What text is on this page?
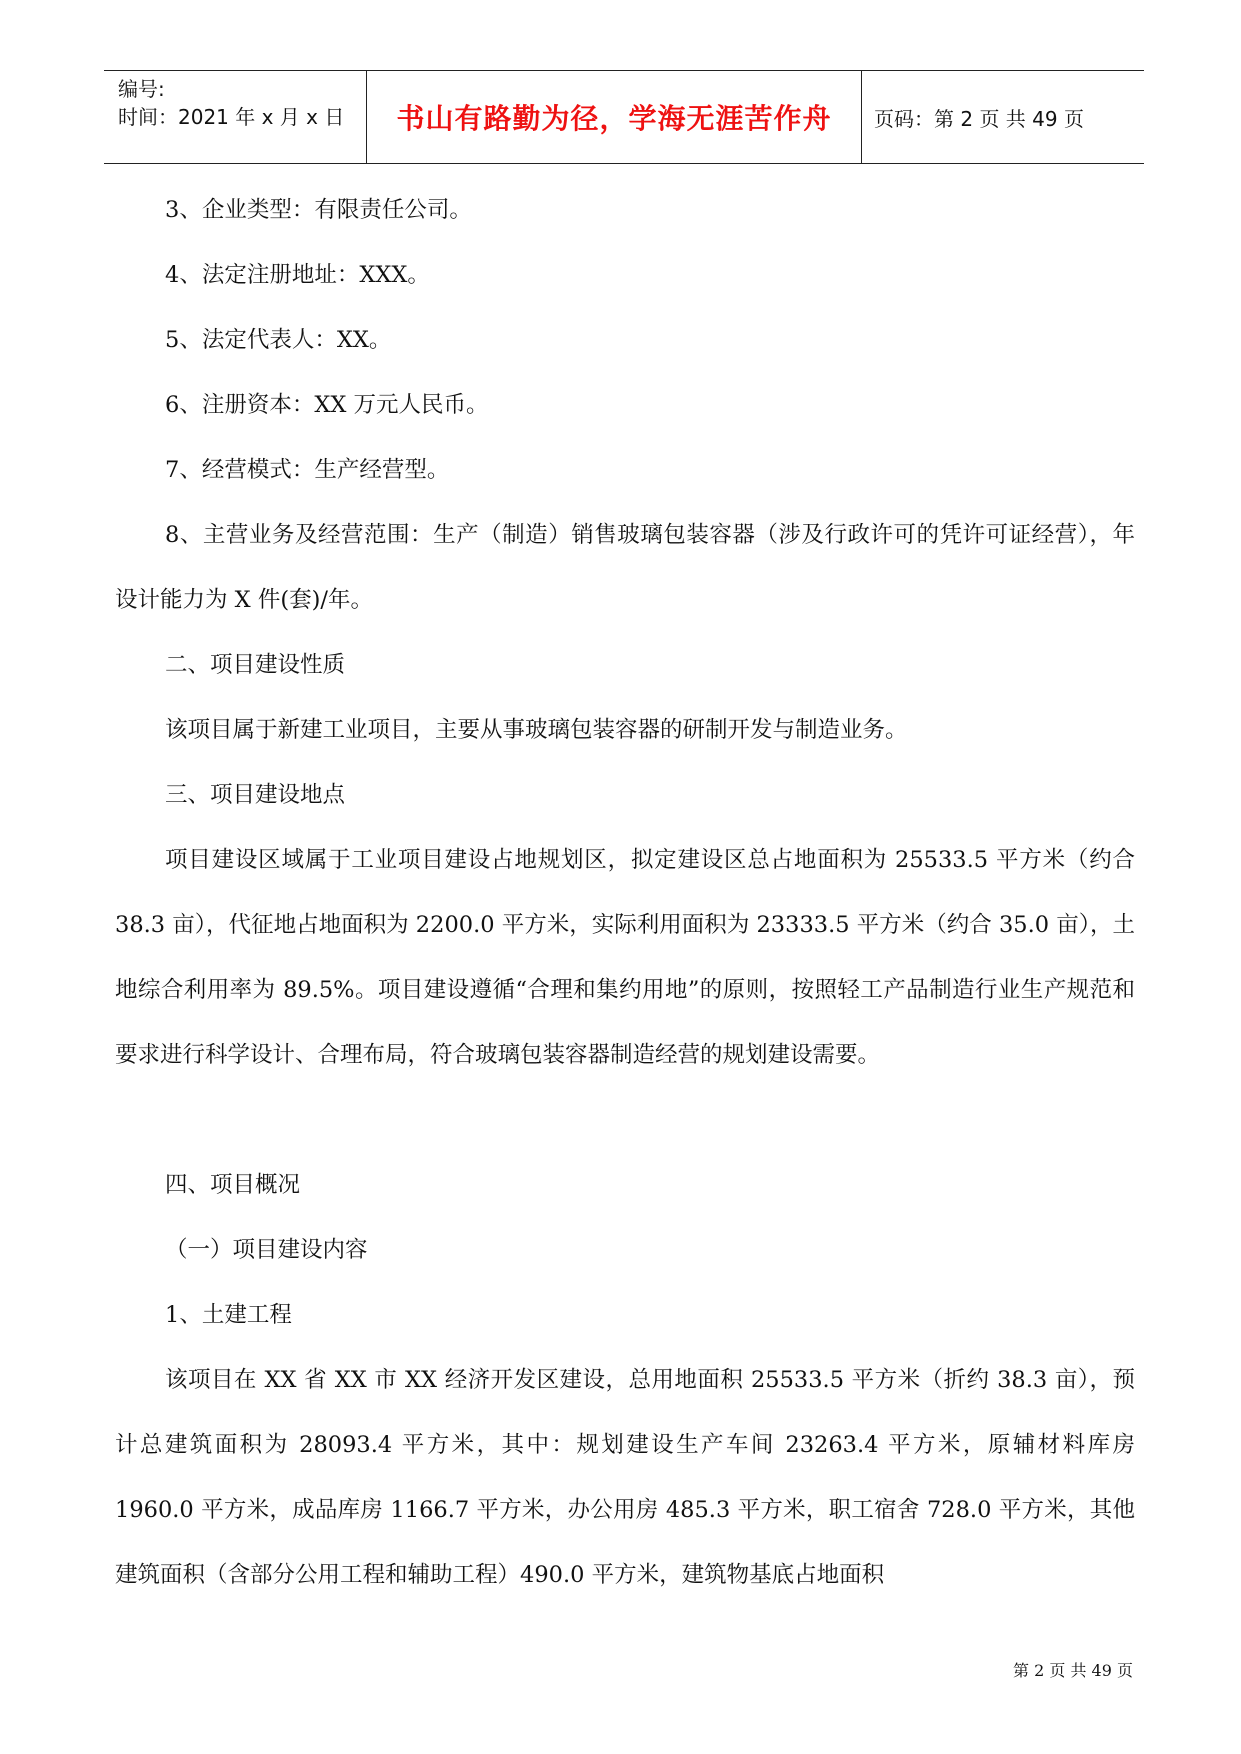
编号:
时间：2021 年 x 月 x 日	书山有路勤为径，学海无涯苦作舟	页码：第 2 页 共 49 页
3、企业类型：有限责任公司。
4、法定注册地址：XXX。
5、法定代表人：XX。
6、注册资本：XX 万元人民币。
7、经营模式：生产经营型。
8、主营业务及经营范围：生产（制造）销售玻璃包装容器（涉及行政许可的凭许可证经营），年设计能力为 X 件(套)/年。
二、项目建设性质
该项目属于新建工业项目，主要从事玻璃包装容器的研制开发与制造业务。
三、项目建设地点
项目建设区域属于工业项目建设占地规划区，拟定建设区总占地面积为 25533.5 平方米（约合 38.3 亩），代征地占地面积为 2200.0 平方米，实际利用面积为 23333.5 平方米（约合 35.0 亩），土地综合利用率为 89.5%。项目建设遵循“合理和集约用地”的原则，按照轻工产品制造行业生产规范和要求进行科学设计、合理布局，符合玻璃包装容器制造经营的规划建设需要。
四、项目概况
（一）项目建设内容
1、土建工程
该项目在 XX 省 XX 市 XX 经济开发区建设，总用地面积 25533.5 平方米（折约 38.3 亩），预计总建筑面积为 28093.4 平方米，其中：规划建设生产车间 23263.4 平方米，原辅材料库房 1960.0 平方米，成品库房 1166.7 平方米，办公用房 485.3 平方米，职工宿舍 728.0 平方米，其他建筑面积（含部分公用工程和辅助工程）490.0 平方米，建筑物基底占地面积
第 2 页 共 49 页
